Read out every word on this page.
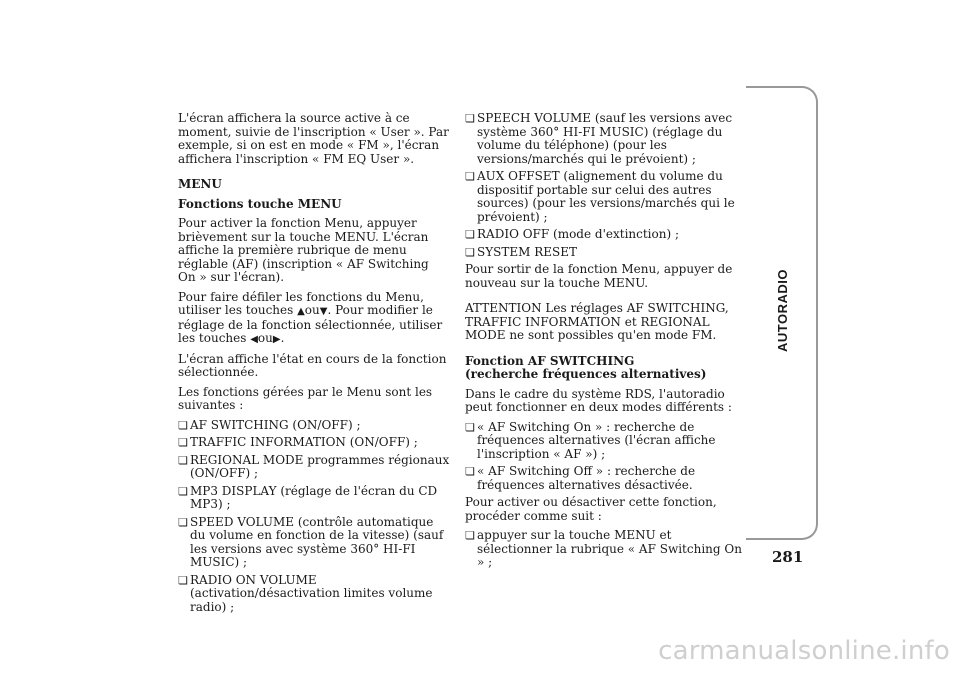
L'écran affichera la source active à ce moment, suivie de l'inscription « User ». Par exemple, si on est en mode « FM », l'écran affichera l'inscription « FM EQ User ».

MENU
Fonctions touche MENU

Pour activer la fonction Menu, appuyer brièvement sur la touche MENU. L'écran affiche la première rubrique de menu réglable (AF) (inscription « AF Switching On » sur l'écran).

Pour faire défiler les fonctions du Menu, utiliser les touches ▲ou▼. Pour modifier le réglage de la fonction sélectionnée, utiliser les touches ◀ou▶.

L'écran affiche l'état en cours de la fonction sélectionnée.

Les fonctions gérées par le Menu sont les suivantes :

❏ AF SWITCHING (ON/OFF) ;
❏ TRAFFIC INFORMATION (ON/OFF) ;
❏ REGIONAL MODE programmes régionaux (ON/OFF) ;
❏ MP3 DISPLAY (réglage de l'écran du CD MP3) ;
❏ SPEED VOLUME (contrôle automatique du volume en fonction de la vitesse) (sauf les versions avec système 360° HI-FI MUSIC) ;
❏ RADIO ON VOLUME (activation/désactivation limites volume radio) ;
❏ SPEECH VOLUME (sauf les versions avec système 360° HI-FI MUSIC) (réglage du volume du téléphone) (pour les versions/marchés qui le prévoient) ;
❏ AUX OFFSET (alignement du volume du dispositif portable sur celui des autres sources) (pour les versions/marchés qui le prévoient) ;
❏ RADIO OFF (mode d'extinction) ;
❏ SYSTEM RESET

Pour sortir de la fonction Menu, appuyer de nouveau sur la touche MENU.

ATTENTION Les réglages AF SWITCHING, TRAFFIC INFORMATION et REGIONAL MODE ne sont possibles qu'en mode FM.

Fonction AF SWITCHING
(recherche fréquences alternatives)

Dans le cadre du système RDS, l'autoradio peut fonctionner en deux modes différents :

❏ « AF Switching On » : recherche de fréquences alternatives (l'écran affiche l'inscription « AF ») ;
❏ « AF Switching Off » : recherche de fréquences alternatives désactivée.

Pour activer ou désactiver cette fonction, procéder comme suit :

❏ appuyer sur la touche MENU et sélectionner la rubrique « AF Switching On » ;
AUTORADIO
281
carmanualsonline.info
